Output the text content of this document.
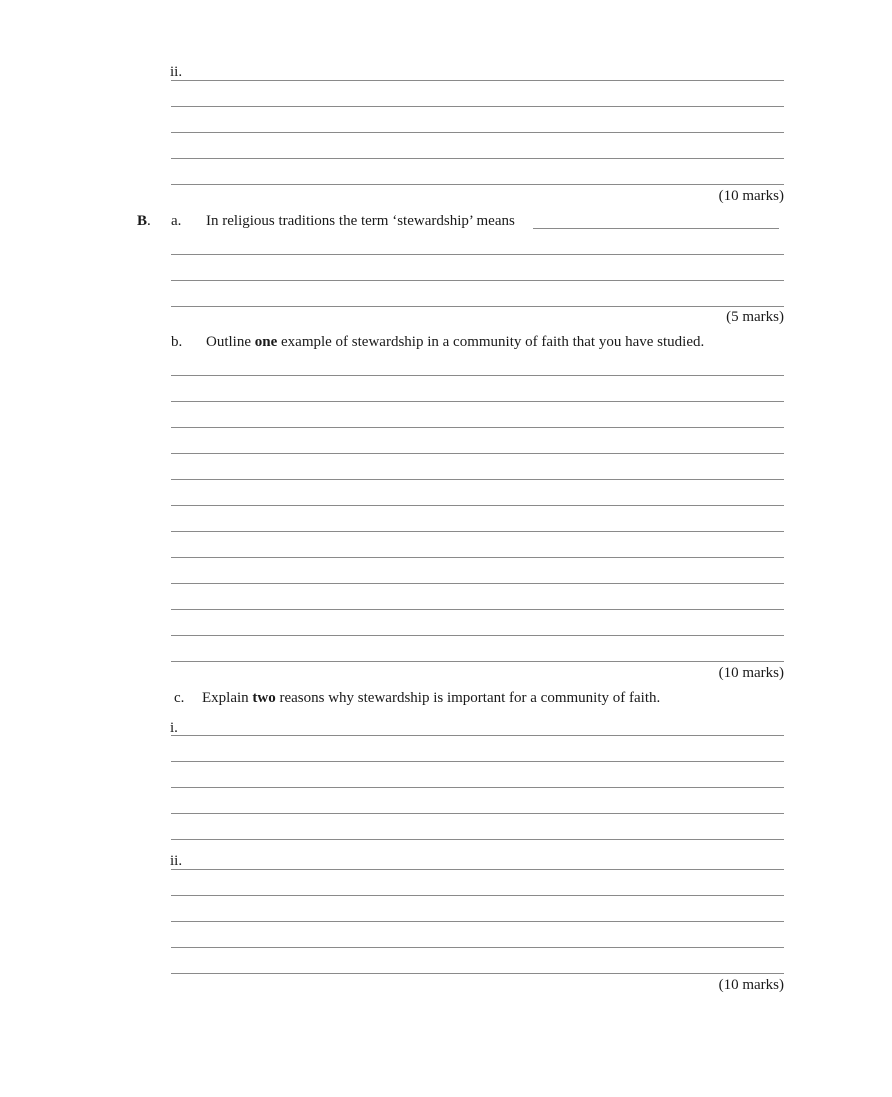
ii.
(10 marks)
B. a. In religious traditions the term ‘stewardship’ means
(5 marks)
b. Outline one example of stewardship in a community of faith that you have studied.
(10 marks)
c. Explain two reasons why stewardship is important for a community of faith.
i.
ii.
(10 marks)
